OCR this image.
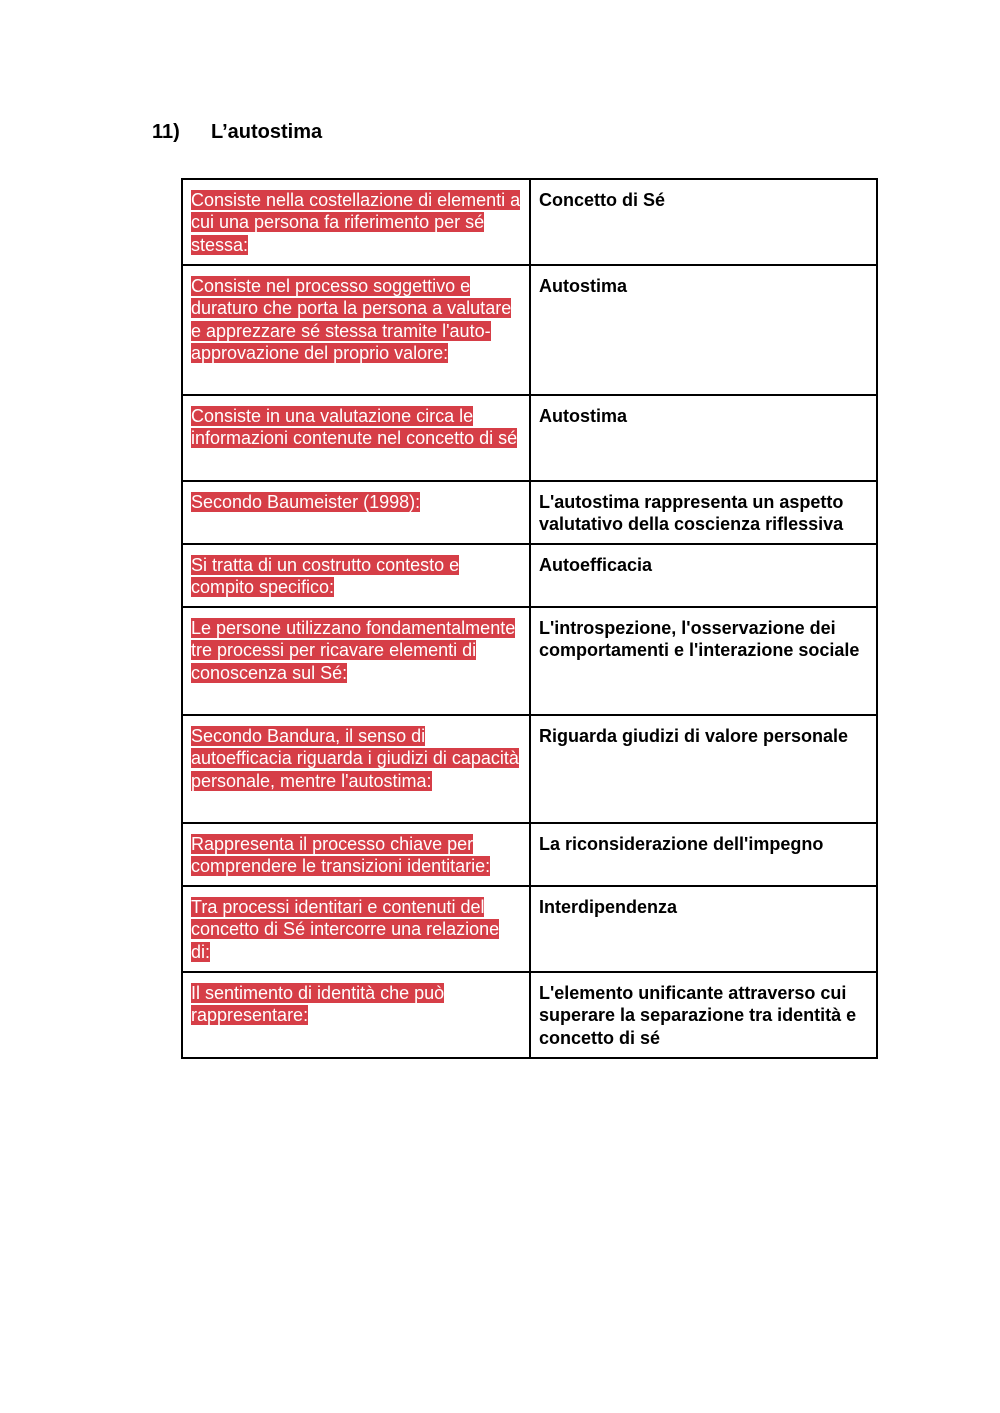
11)	L’autostima
Consiste nella costellazione di elementi a cui una persona fa riferimento per sé stessa:	Concetto di Sé
Consiste nel processo soggettivo e duraturo che porta la persona a valutare e apprezzare sé stessa tramite l'auto-approvazione del proprio valore:	Autostima
Consiste in una valutazione circa le informazioni contenute nel concetto di sé	Autostima
Secondo Baumeister (1998):	L'autostima rappresenta un aspetto valutativo della coscienza riflessiva
Si tratta di un costrutto contesto e compito specifico:	Autoefficacia
Le persone utilizzano fondamentalmente tre processi per ricavare elementi di conoscenza sul Sé:	L'introspezione, l'osservazione dei comportamenti e l'interazione sociale
Secondo Bandura, il senso di autoefficacia riguarda i giudizi di capacità personale, mentre l'autostima:	Riguarda giudizi di valore personale
Rappresenta il processo chiave per comprendere le transizioni identitarie:	La riconsiderazione dell'impegno
Tra processi identitari e contenuti del concetto di Sé intercorre una relazione di:	Interdipendenza
Il sentimento di identità che può rappresentare:	L'elemento unificante attraverso cui superare la separazione tra identità e concetto di sé
